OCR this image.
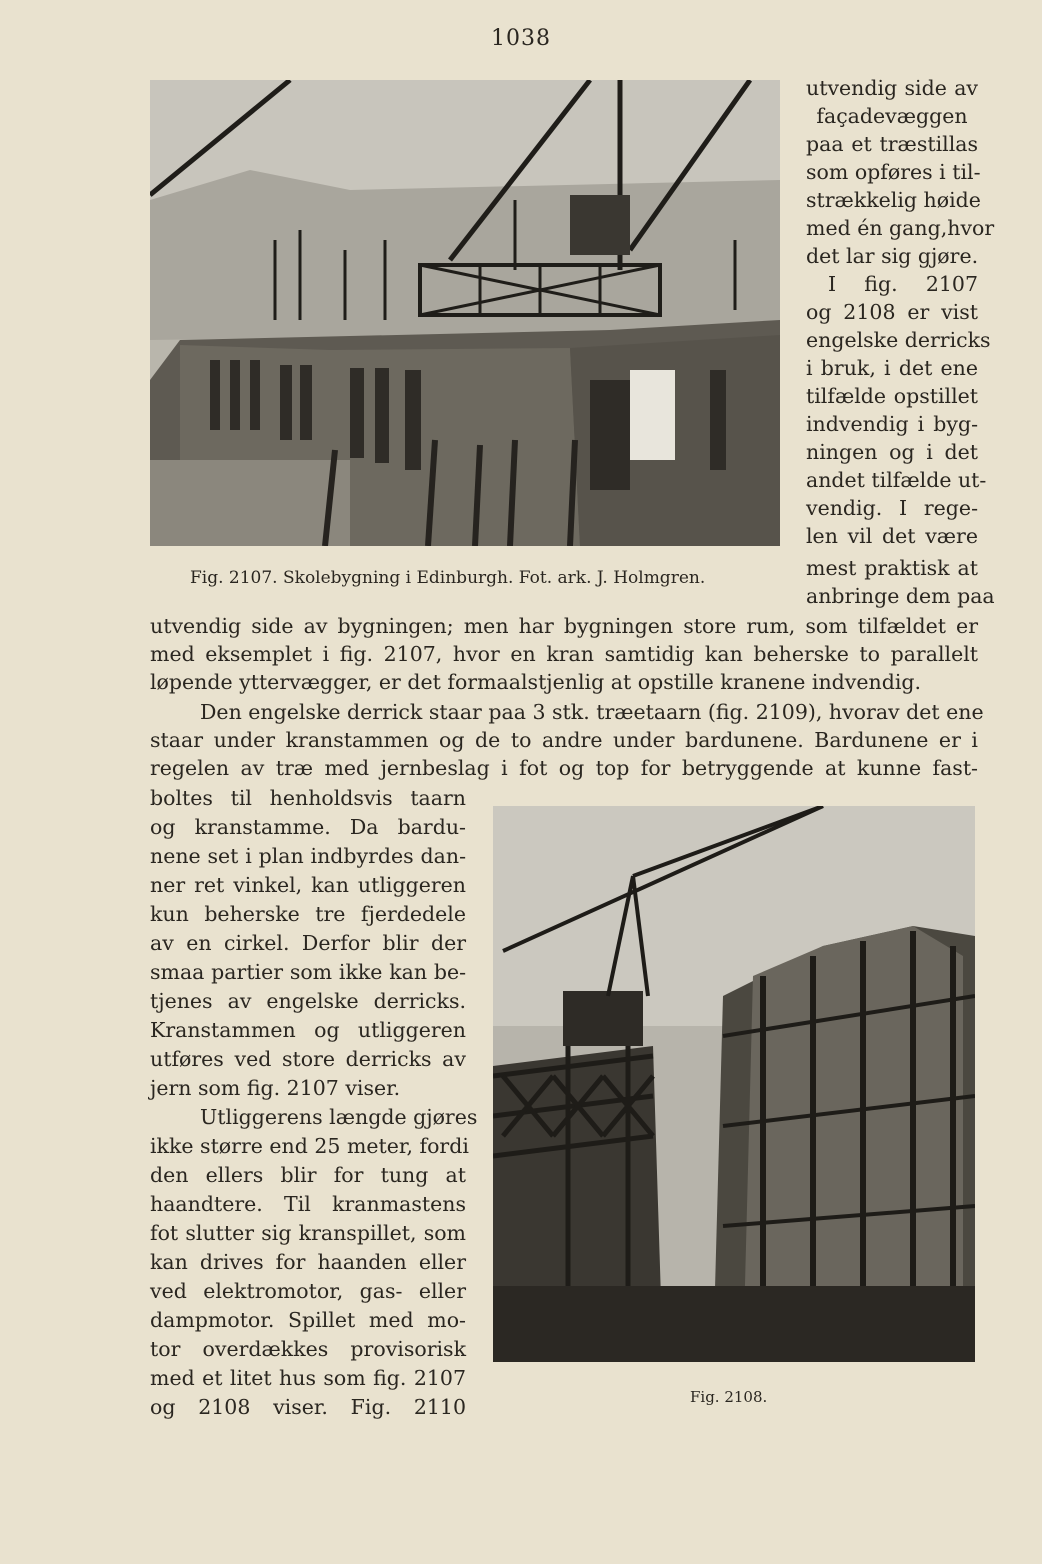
1038
Fig. 2107. Skolebygning i Edinburgh. Fot. ark. J. Holmgren.
utvendig side av
façadevæggen
paa et træstillas
som opføres i til-
strækkelig høide
med én gang,hvor
det lar sig gjøre.
I fig. 2107
og 2108 er vist
engelske derricks
i bruk, i det ene
tilfælde opstillet
indvendig i byg-
ningen og i det
andet tilfælde ut-
vendig. I rege-
len vil det være
mest praktisk at
anbringe dem paa
utvendig side av bygningen; men har bygningen store rum, som tilfældet er
med eksemplet i fig. 2107, hvor en kran samtidig kan beherske to parallelt
løpende yttervægger, er det formaalstjenlig at opstille kranene indvendig.
Den engelske derrick staar paa 3 stk. træetaarn (fig. 2109), hvorav det ene
staar under kranstammen og de to andre under bardunene. Bardunene er i
regelen av træ med jernbeslag i fot og top for betryggende at kunne fast-
Fig. 2108.
boltes til henholdsvis taarn
og kranstamme. Da bardu-
nene set i plan indbyrdes dan-
ner ret vinkel, kan utliggeren
kun beherske tre fjerdedele
av en cirkel. Derfor blir der
smaa partier som ikke kan be-
tjenes av engelske derricks.
Kranstammen og utliggeren
utføres ved store derricks av
jern som fig. 2107 viser.
Utliggerens længde gjøres
ikke større end 25 meter, fordi
den ellers blir for tung at
haandtere. Til kranmastens
fot slutter sig kranspillet, som
kan drives for haanden eller
ved elektromotor, gas- eller
dampmotor. Spillet med mo-
tor overdækkes provisorisk
med et litet hus som fig. 2107
og 2108 viser. Fig. 2110
